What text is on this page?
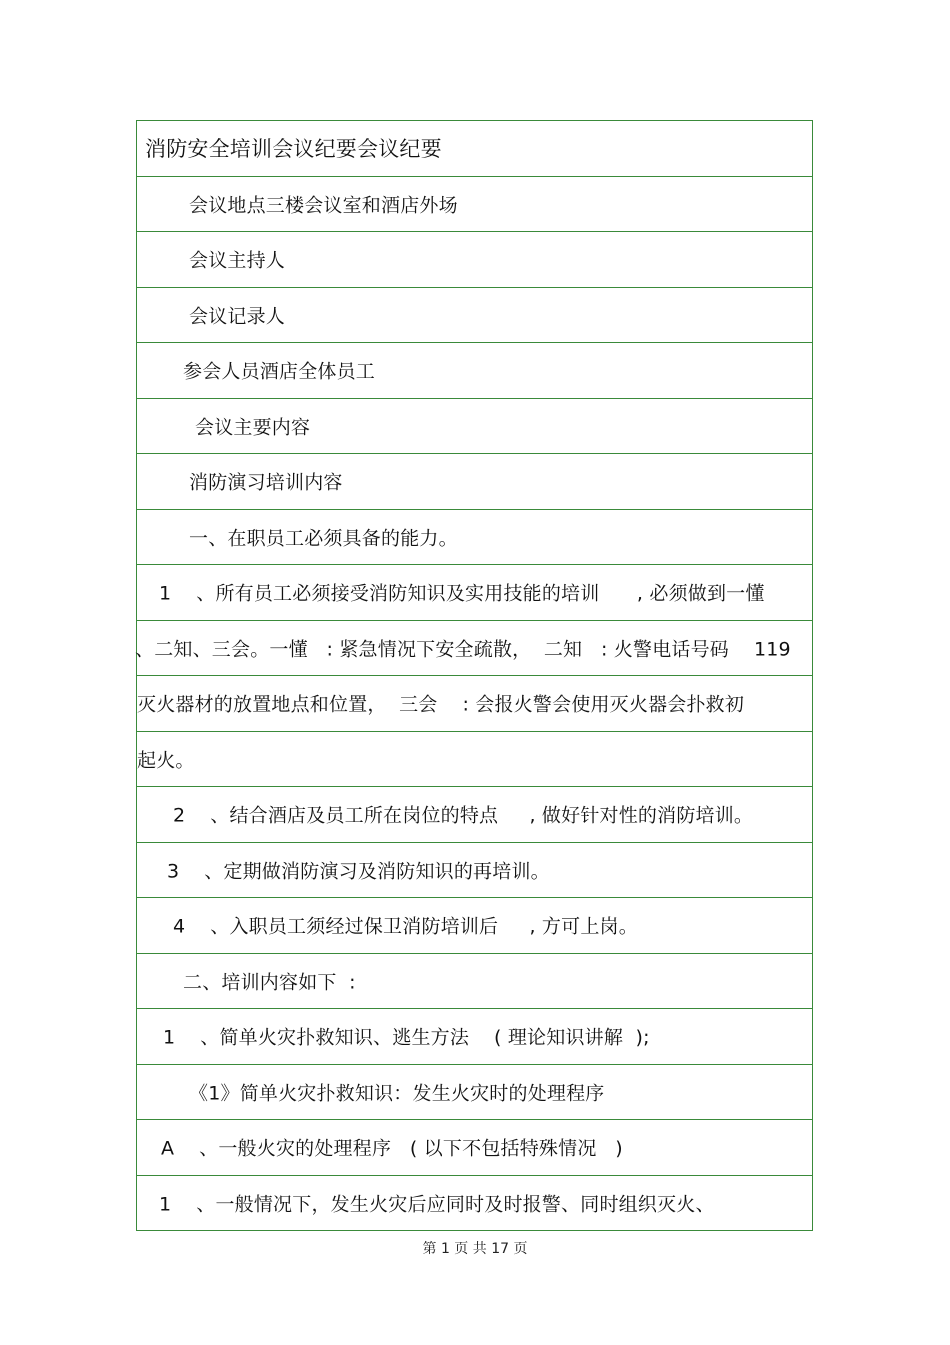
消防安全培训会议纪要会议纪要
会议地点三楼会议室和酒店外场
会议主持人
会议记录人
参会人员酒店全体员工
会议主要内容
消防演习培训内容
一、在职员工必须具备的能力。
1    、所有员工必须接受消防知识及实用技能的培训      , 必须做到一懂
、二知、三会。一懂   : 紧急情况下安全疏散，  二知   : 火警电话号码    119
灭火器材的放置地点和位置，  三会    : 会报火警会使用灭火器会扑救初
起火。
2    、结合酒店及员工所在岗位的特点     , 做好针对性的消防培训。
3    、定期做消防演习及消防知识的再培训。
4    、入职员工须经过保卫消防培训后     , 方可上岗。
二、培训内容如下  :
1    、简单火灾扑救知识、逃生方法    ( 理论知识讲解  );
《1》简单火灾扑救知识：发生火灾时的处理程序
A    、一般火灾的处理程序   ( 以下不包括特殊情况   )
1    、一般情况下，发生火灾后应同时及时报警、同时组织灭火、
第 1 页 共 17 页
